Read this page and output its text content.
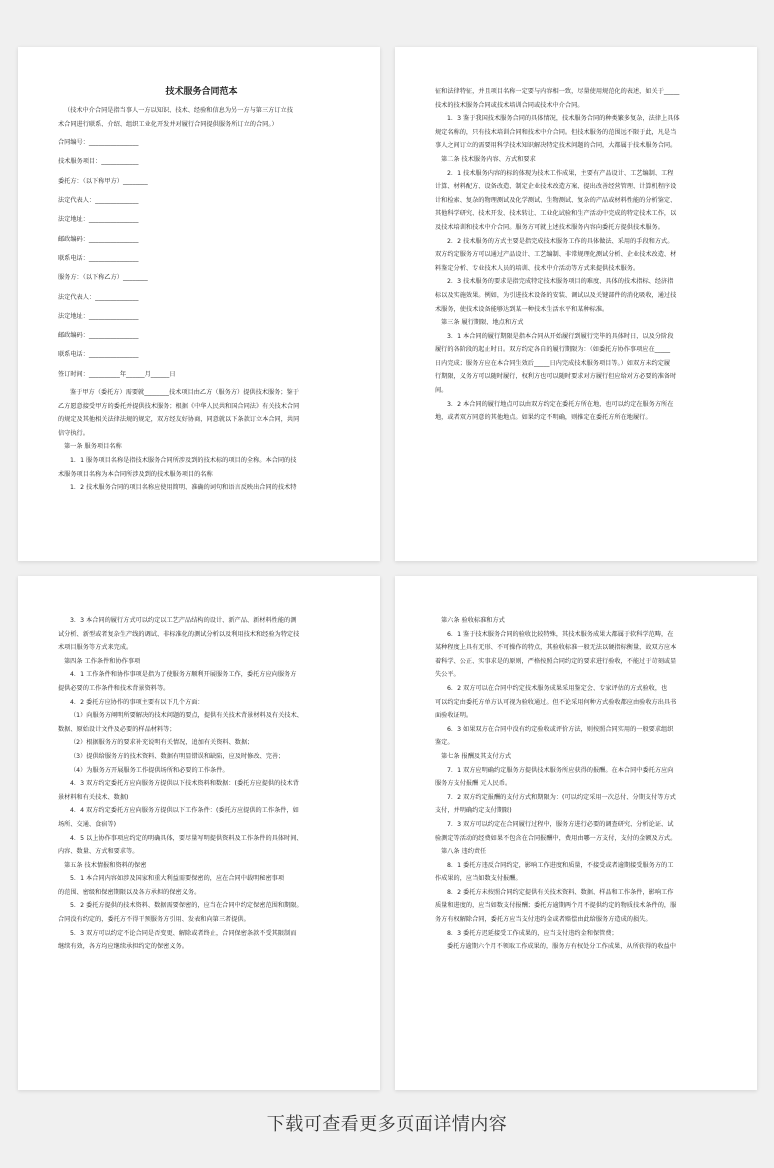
技术服务合同范本
（技术中介合同是指当事人一方以知识、技术、经验和信息为另一方与第三方订立技
术合同进行联系、介绍、组织工业化开发并对履行合同提供服务所订立的合同。）
合同编号：________________
技术服务项目：____________
委托方：（以下称甲方）________
法定代表人：______________
法定地址：________________
邮政编码：________________
联系电话：________________
服务方：（以下称乙方）________
法定代表人：______________
法定地址：________________
邮政编码：________________
联系电话：________________
签订时间：__________年______月______日
鉴于甲方（委托方）需要就________技术项目由乙方（服务方）提供技术服务；鉴于
乙方愿意接受甲方的委托并提供技术服务；根据《中华人民共和国合同法》有关技术合同
的规定及其他相关法律法规的规定，双方经友好协商，同意就以下条款订立本合同，共同
信守执行。
第一条 服务项目名称
1．1 服务项目名称是指技术服务合同所涉及到的技术标的项目的全称。本合同的技
术服务项目名称为本合同所涉及到的技术服务项目的名称
1．2 技术服务合同的项目名称应使用简明、准确的词句和语言反映出合同的技术特
征和法律特征，并且项目名称一定要与内容相一致，尽量使用规范化的表述，如关于_____
技术的技术服务合同或技术培训合同或技术中介合同。
1．3 鉴于我国技术服务合同的具体情况，技术服务合同的种类繁多复杂，法律上具体
规定名称的，只有技术培训合同和技术中介合同。但技术服务的范围远不限于此，凡是当
事人之间订立的需要用科学技术知识解决特定技术问题的合同，大都属于技术服务合同。
第二条 技术服务内容、方式和要求
2．1 技术服务内容的标的体现为技术工作成果，主要有产品设计、工艺编制、工程
计算、材料配方、设备改造、制定企业技术改造方案、提出改善经营管理、计算机程序设
计和检索、复杂的物理测试及化学测试、生物测试、复杂的产品或材料性能的分析鉴定、
其他科学研究、技术开发、技术转让、工业化试验和生产活动中完成的特定技术工作，以
及技术培训和技术中介合同。服务方可就上述技术服务内容向委托方提供技术服务。
2．2 技术服务的方式主要是指完成技术服务工作的具体做法、采用的手段和方式。
双方约定服务方可以通过产品设计、工艺编制、非常规理化测试分析、企业技术改造、材
料鉴定分析、专业技术人员的培训、技术中介活动等方式来提供技术服务。
2．3 技术服务的要求是指完成特定技术服务项目的难度、具体的技术指标、经济指
标以及实施效果。例如，为引进技术设备的安装、调试以及关键部件的消化吸收，通过技
术服务，使技术设备能够达到某一种技术生活水平和某种标准。
第三条 履行期限、地点和方式
3．1 本合同的履行期限是指本合同从开始履行到履行完毕的具体时日，以及分阶段
履行的各阶段的起止时日。双方约定各自的履行期限为：（如委托方协作事项应在_____
日内完成；服务方应在本合同生效后_____日内完成技术服务项目等。）如双方未约定履
行期限，义务方可以随时履行，权利方也可以随时要求对方履行但应给对方必要的准备时
间。
3．2 本合同的履行地点可以由双方约定在委托方所在地，也可以约定在服务方所在
地，或者双方同意的其他地点。如果约定不明确，则推定在委托方所在地履行。
3．3 本合同的履行方式可以约定以工艺产品结构的设计、新产品、新材料性能的测
试分析、新型或者复杂生产线的调试、非标准化的测试分析以及利用技术和经验为特定技
术项目服务等方式来完成。
第四条 工作条件和协作事项
4．1 工作条件和协作事项是指为了使服务方顺利开展服务工作，委托方应向服务方
提供必要的工作条件和技术背景资料等。
4．2 委托方应协作的事项主要有以下几个方面：
（1）向服务方阐明所要解决的技术问题的要点，提供有关技术背景材料及有关技术、
数据、原始设计文件及必要的样品材料等；
（2）根据服务方的要求补充说明有关情况，追加有关资料、数据；
（3）提供给服务方的技术资料、数据有明显错误和缺陷，应及时修改、完善；
（4）为服务方开展服务工作提供场所和必要的工作条件。
4．3 双方约定委托方应向服务方提供以下技术资料和数据：(委托方应提供的技术背
景材料和有关技术、数据)
4．4 双方约定委托方应向服务方提供以下工作条件：(委托方应提供的工作条件，如
场所、交通、食宿等)
4．5 以上协作事项应约定的明确具体，要尽量写明提供资料及工作条件的具体时间、
内容、数量、方式和要求等。
第五条 技术情报和资料的保密
5．1 本合同内容如涉及国家和重大利益需要保密的，应在合同中载明秘密事项
的范围、密级和保密期限以及各方承担的保密义务。
5．2 委托方提供的技术资料、数据需要保密的，应当在合同中约定保密范围和期限。
合同没有约定的，委托方不得干预服务方引用、发表和向第三者提供。
5．3 双方可以约定不论合同是否变更、解除或者终止，合同保密条款不受其限制而
继续有效，各方均应继续承担约定的保密义务。
第六条 验收标准和方式
6．1 鉴于技术服务合同的验收比较特殊，其技术服务成果大都属于软科学范畴，在
某种程度上具有无形、不可操作的特点，其验收标准一般无法以硬指标衡量，故双方应本
着科学、公正、实事求是的原则，严格按照合同约定的要求进行验收，不能过于苛刻或显
失公平。
6．2 双方可以在合同中约定技术服务成果采用鉴定会、专家评估的方式验收，也
可以约定由委托方单方认可视为验收通过。但不论采用何种方式验收都应由验收方出具书
面验收证明。
6．3 如果双方在合同中没有约定验收或评价方法，则按照合同实用的一般要求组织
鉴定。
第七条 报酬及其支付方式
7．1 双方应明确约定服务方提供技术服务所应获得的报酬。在本合同中委托方应向
服务方支付报酬 元人民币。
7．2 双方约定报酬的支付方式和期限为：(可以约定采用一次总付、分期支付等方式
支付，并明确约定支付期限)
7．3 双方可以约定在合同履行过程中，服务方进行必要的调查研究、分析论证、试
验测定等活动的经费如果不包含在合同报酬中，费用由哪一方支付，支付的金额及方式。
第八条 违约责任
8．1 委托方违反合同约定，影响工作进度和质量，不接受或者逾期接受服务方的工
作成果的，应当如数支付报酬。
8．2 委托方未按照合同约定提供有关技术资料、数据、样品和工作条件，影响工作
质量和进度的，应当如数支付报酬；委托方逾期两个月不提供约定的物质技术条件的，服
务方有权解除合同，委托方应当支付违约金或者赔偿由此给服务方造成的损失。
8．3 委托方迟延接受工作成果的，应当支付违约金和保管费；
委托方逾期六个月不领取工作成果的，服务方有权处分工作成果，从所获得的收益中
下载可查看更多页面详情内容
